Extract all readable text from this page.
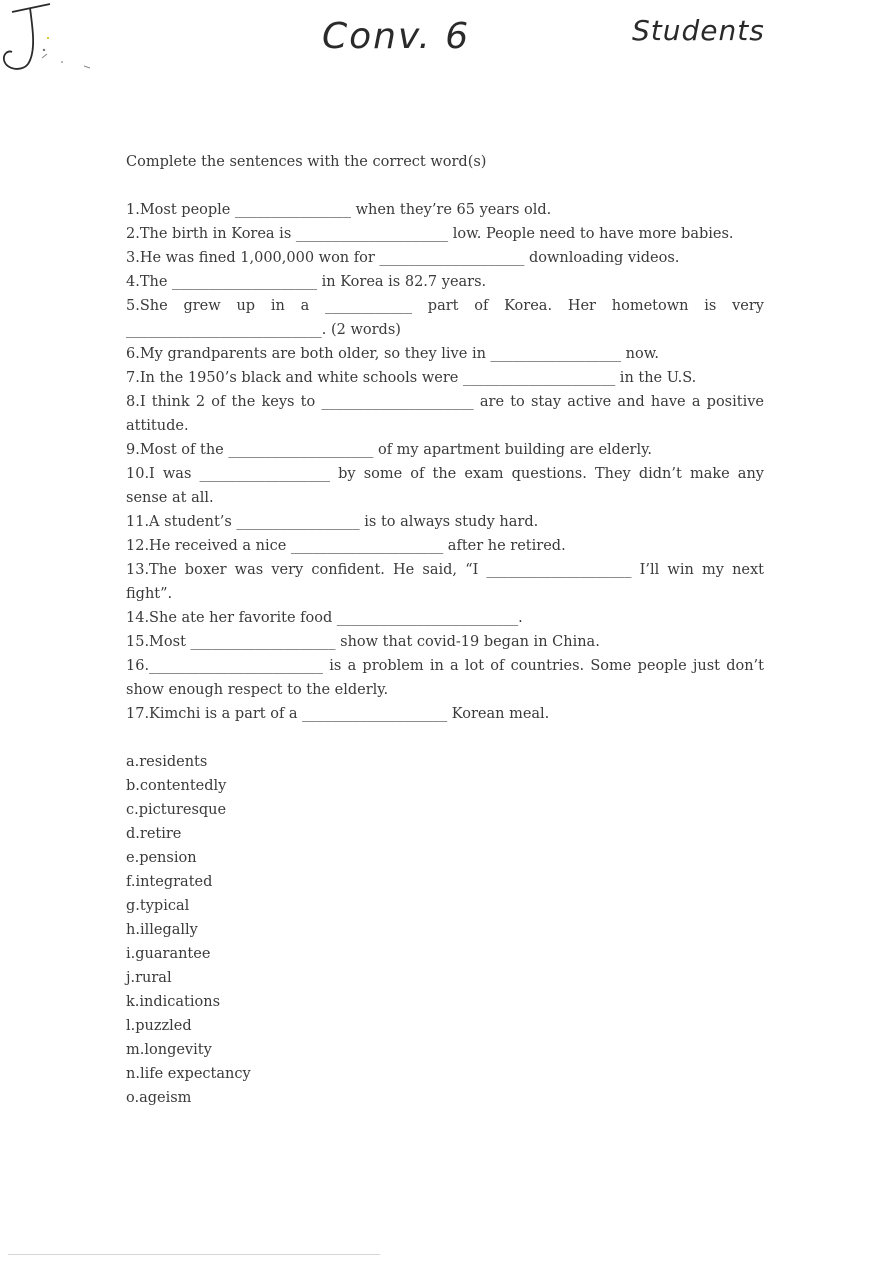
Conv. 6	Students

Complete the sentences with the correct word(s)

1.Most people ________________ when they’re 65 years old.

2.The birth in Korea is _____________________ low. People need to have more babies.

3.He was fined 1,000,000 won for ____________________ downloading videos.

4.The ____________________ in Korea is 82.7 years.

5.She grew up in a ____________ part of Korea. Her hometown is very ___________________________. (2 words)

6.My grandparents are both older, so they live in __________________ now.

7.In the 1950’s black and white schools were _____________________ in the U.S.

8.I think 2 of the keys to _____________________ are to stay active and have a positive attitude.

9.Most of the ____________________ of my apartment building are elderly.

10.I was __________________ by some of the exam questions. They didn’t make any sense at all.

11.A student’s _________________ is to always study hard.

12.He received a nice _____________________ after he retired.

13.The boxer was very confident. He said, “I ____________________ I’ll win my next fight”.

14.She ate her favorite food _________________________.

15.Most ____________________ show that covid-19 began in China.

16.________________________ is a problem in a lot of countries. Some people just don’t show enough respect to the elderly.

17.Kimchi is a part of a ____________________ Korean meal.

a.residents

b.contentedly

c.picturesque

d.retire

e.pension

f.integrated

g.typical

h.illegally

i.guarantee

j.rural

k.indications

l.puzzled

m.longevity

n.life expectancy

o.ageism
